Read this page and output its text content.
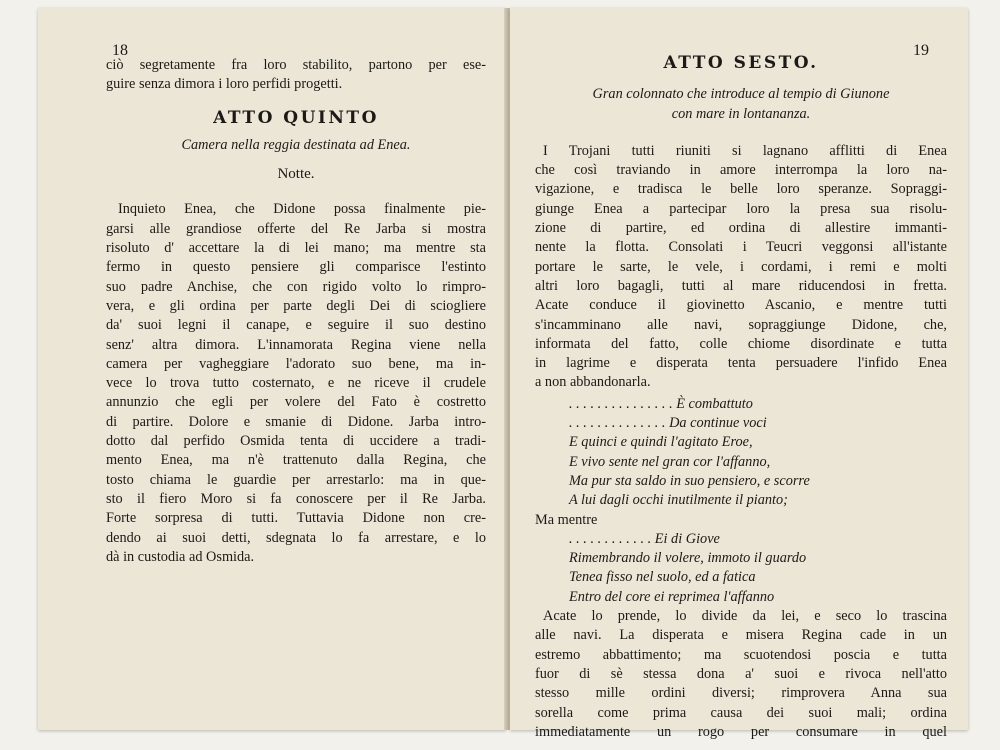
18
ciò segretamente fra loro stabilito, partono per ese-
guire senza dimora i loro perfidi progetti.
ATTO QUINTO
Camera nella reggia destinata ad Enea.
Notte.
Inquieto Enea, che Didone possa finalmente pie-
garsi alle grandiose offerte del Re Jarba si mostra
risoluto d' accettare la di lei mano; ma mentre sta
fermo in questo pensiere gli comparisce l'estinto
suo padre Anchise, che con rigido volto lo rimpro-
vera, e gli ordina per parte degli Dei di sciogliere
da' suoi legni il canape, e seguire il suo destino
senz' altra dimora. L'innamorata Regina viene nella
camera per vagheggiare l'adorato suo bene, ma in-
vece lo trova tutto costernato, e ne riceve il crudele
annunzio che egli per volere del Fato è costretto
di partire. Dolore e smanie di Didone. Jarba intro-
dotto dal perfido Osmida tenta di uccidere a tradi-
mento Enea, ma n'è trattenuto dalla Regina, che
tosto chiama le guardie per arrestarlo: ma in que-
sto il fiero Moro si fa conoscere per il Re Jarba.
Forte sorpresa di tutti. Tuttavia Didone non cre-
dendo ai suoi detti, sdegnata lo fa arrestare, e lo
dà in custodia ad Osmida.
19
ATTO SESTO.
Gran colonnato che introduce al tempio di Giunone
con mare in lontananza.
I Trojani tutti riuniti si lagnano afflitti di Enea
che così traviando in amore interrompa la loro na-
vigazione, e tradisca le belle loro speranze. Sopraggi-
giunge Enea a partecipar loro la presa sua risolu-
zione di partire, ed ordina di allestire immanti-
nente la flotta. Consolati i Teucri veggonsi all'istante
portare le sarte, le vele, i cordami, i remi e molti
altri loro bagagli, tutti al mare riducendosi in fretta.
Acate conduce il giovinetto Ascanio, e mentre tutti
s'incamminano alle navi, sopraggiunge Didone, che,
informata del fatto, colle chiome disordinate e tutta
in lagrime e disperata tenta persuadere l'infido Enea
a non abbandonarla.
. . . . . . . . . . . . . . . È combattuto
. . . . . . . . . . . . . . Da continue voci
E quinci e quindi l'agitato Eroe,
E vivo sente nel gran cor l'affanno,
Ma pur sta saldo in suo pensiero, e scorre
A lui dagli occhi inutilmente il pianto;
Ma mentre
. . . . . . . . . . . . Ei di Giove
Rimembrando il volere, immoto il guardo
Tenea fisso nel suolo, ed a fatica
Entro del core ei reprimea l'affanno
Acate lo prende, lo divide da lei, e seco lo trascina
alle navi. La disperata e misera Regina cade in un
estremo abbattimento; ma scuotendosi poscia e tutta
fuor di sè stessa dona a' suoi e rivoca nell'atto
stesso mille ordini diversi; rimprovera Anna sua
sorella come prima causa dei suoi mali; ordina
immediatamente un rogo per consumare in quel
